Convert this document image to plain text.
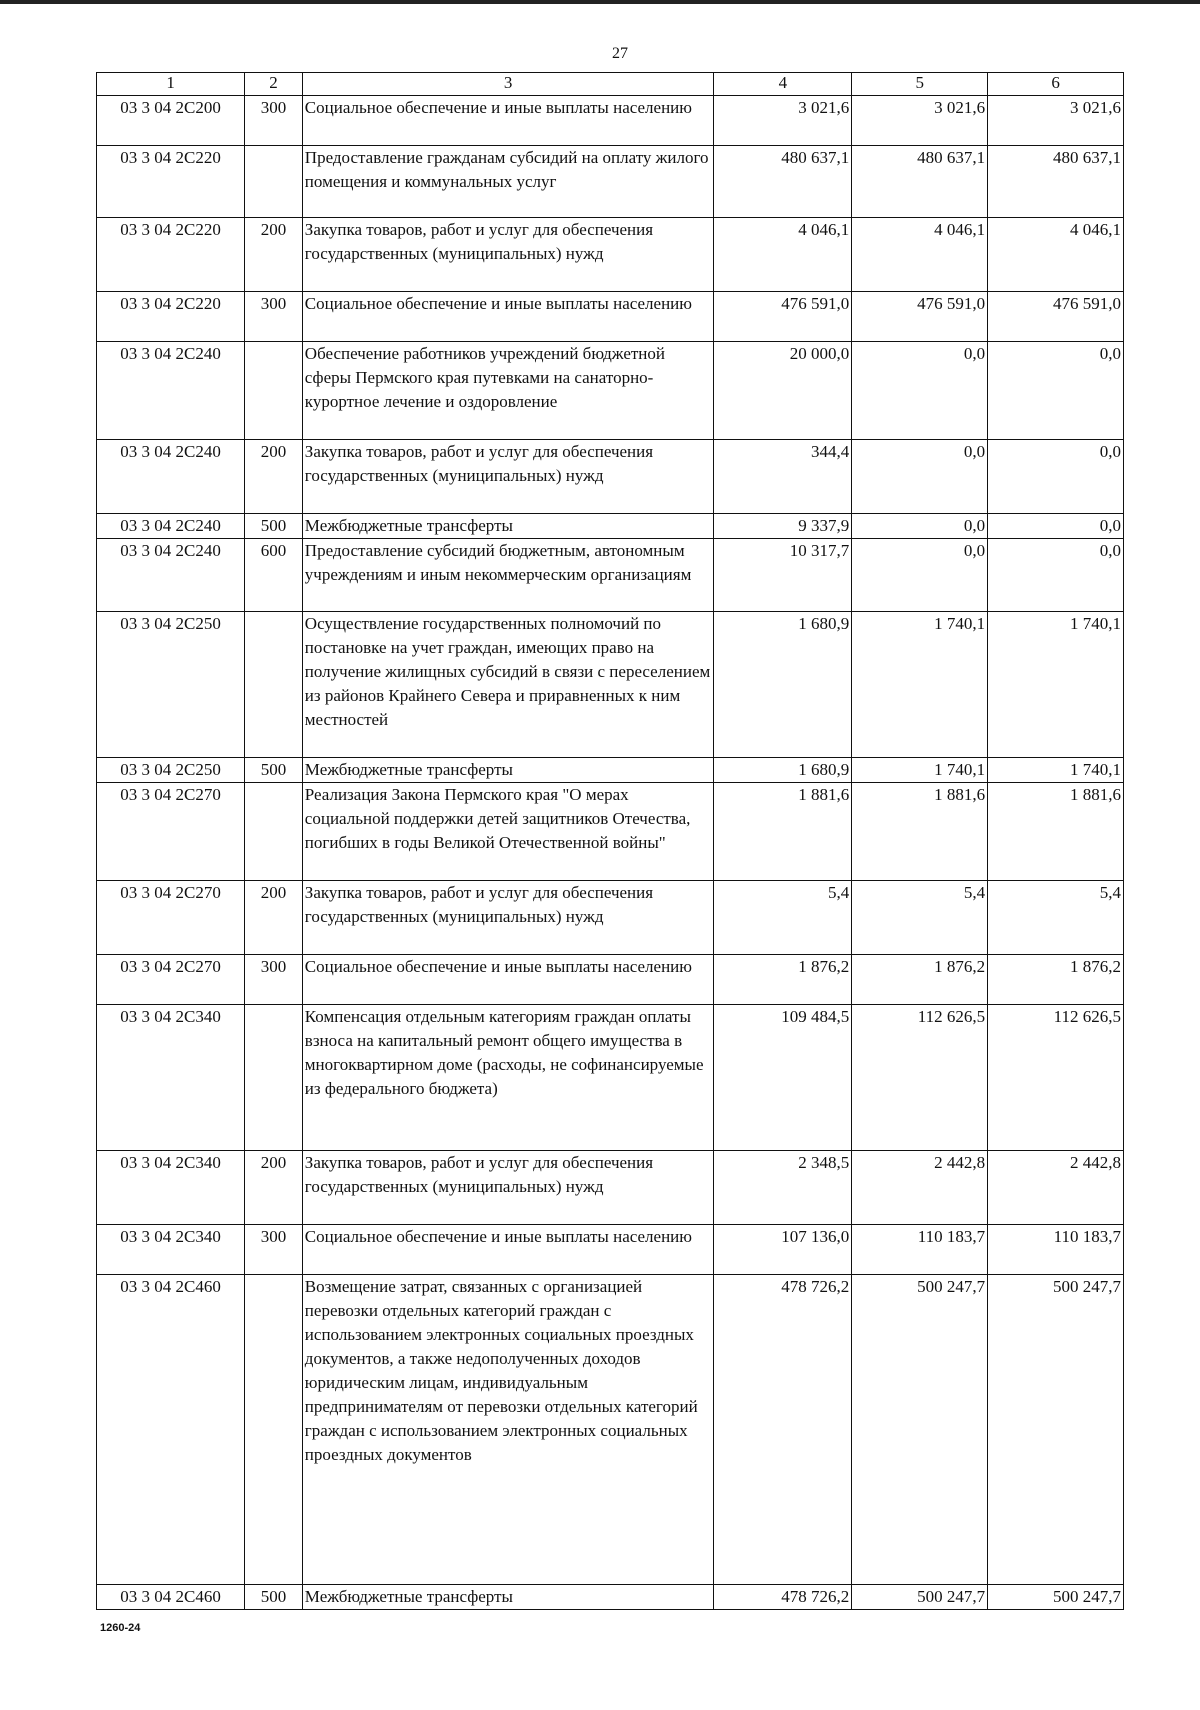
27
1	2	3	4	5	6
03 3 04 2C200	300	Социальное обеспечение и иные выплаты населению	3 021,6	3 021,6	3 021,6
03 3 04 2C220		Предоставление гражданам субсидий на оплату жилого помещения и коммунальных услуг	480 637,1	480 637,1	480 637,1
03 3 04 2C220	200	Закупка товаров, работ и услуг для обеспечения государственных (муниципальных) нужд	4 046,1	4 046,1	4 046,1
03 3 04 2C220	300	Социальное обеспечение и иные выплаты населению	476 591,0	476 591,0	476 591,0
03 3 04 2C240		Обеспечение работников учреждений бюджетной сферы Пермского края путевками на санаторно-курортное лечение и оздоровление	20 000,0	0,0	0,0
03 3 04 2C240	200	Закупка товаров, работ и услуг для обеспечения государственных (муниципальных) нужд	344,4	0,0	0,0
03 3 04 2C240	500	Межбюджетные трансферты	9 337,9	0,0	0,0
03 3 04 2C240	600	Предоставление субсидий бюджетным, автономным учреждениям и иным некоммерческим организациям	10 317,7	0,0	0,0
03 3 04 2C250		Осуществление государственных полномочий по постановке на учет граждан, имеющих право на получение жилищных субсидий в связи с переселением из районов Крайнего Севера и приравненных к ним местностей	1 680,9	1 740,1	1 740,1
03 3 04 2C250	500	Межбюджетные трансферты	1 680,9	1 740,1	1 740,1
03 3 04 2C270		Реализация Закона Пермского края "О мерах социальной поддержки детей защитников Отечества, погибших в годы Великой Отечественной войны"	1 881,6	1 881,6	1 881,6
03 3 04 2C270	200	Закупка товаров, работ и услуг для обеспечения государственных (муниципальных) нужд	5,4	5,4	5,4
03 3 04 2C270	300	Социальное обеспечение и иные выплаты населению	1 876,2	1 876,2	1 876,2
03 3 04 2C340		Компенсация отдельным категориям граждан оплаты взноса на капитальный ремонт общего имущества в многоквартирном доме (расходы, не софинансируемые из федерального бюджета)	109 484,5	112 626,5	112 626,5
03 3 04 2C340	200	Закупка товаров, работ и услуг для обеспечения государственных (муниципальных) нужд	2 348,5	2 442,8	2 442,8
03 3 04 2C340	300	Социальное обеспечение и иные выплаты населению	107 136,0	110 183,7	110 183,7
03 3 04 2C460		Возмещение затрат, связанных с организацией перевозки отдельных категорий граждан с использованием электронных социальных проездных документов, а также недополученных доходов юридическим лицам, индивидуальным предпринимателям от перевозки отдельных категорий граждан с использованием электронных социальных проездных документов	478 726,2	500 247,7	500 247,7
03 3 04 2C460	500	Межбюджетные трансферты	478 726,2	500 247,7	500 247,7
1260-24
